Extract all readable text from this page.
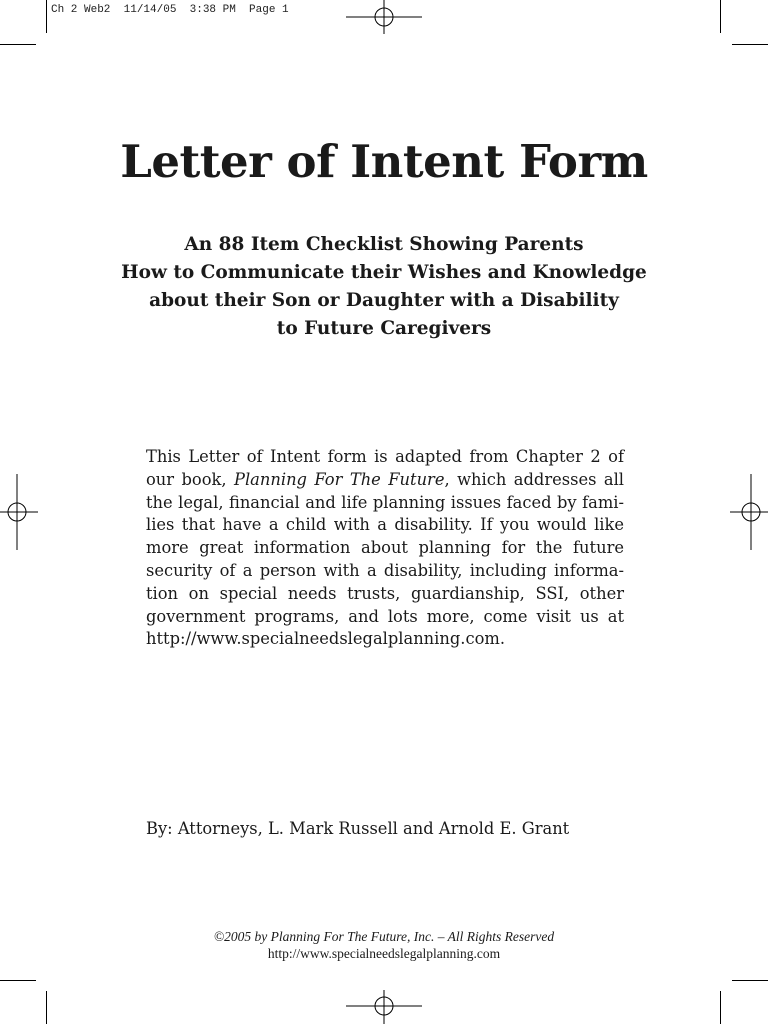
Ch 2 Web2  11/14/05  3:38 PM  Page 1
Letter of Intent Form
An 88 Item Checklist Showing Parents
How to Communicate their Wishes and Knowledge
about their Son or Daughter with a Disability
to Future Caregivers

This Letter of Intent form is adapted from Chapter 2 of our book, Planning For The Future, which addresses all the legal, financial and life planning issues faced by families that have a child with a disability. If you would like more great information about planning for the future security of a person with a disability, including information on special needs trusts, guardianship, SSI, other government programs, and lots more, come visit us at http://www.specialneedslegalplanning.com.

By: Attorneys, L. Mark Russell and Arnold E. Grant
©2005 by Planning For The Future, Inc. – All Rights Reserved
http://www.specialneedslegalplanning.com
